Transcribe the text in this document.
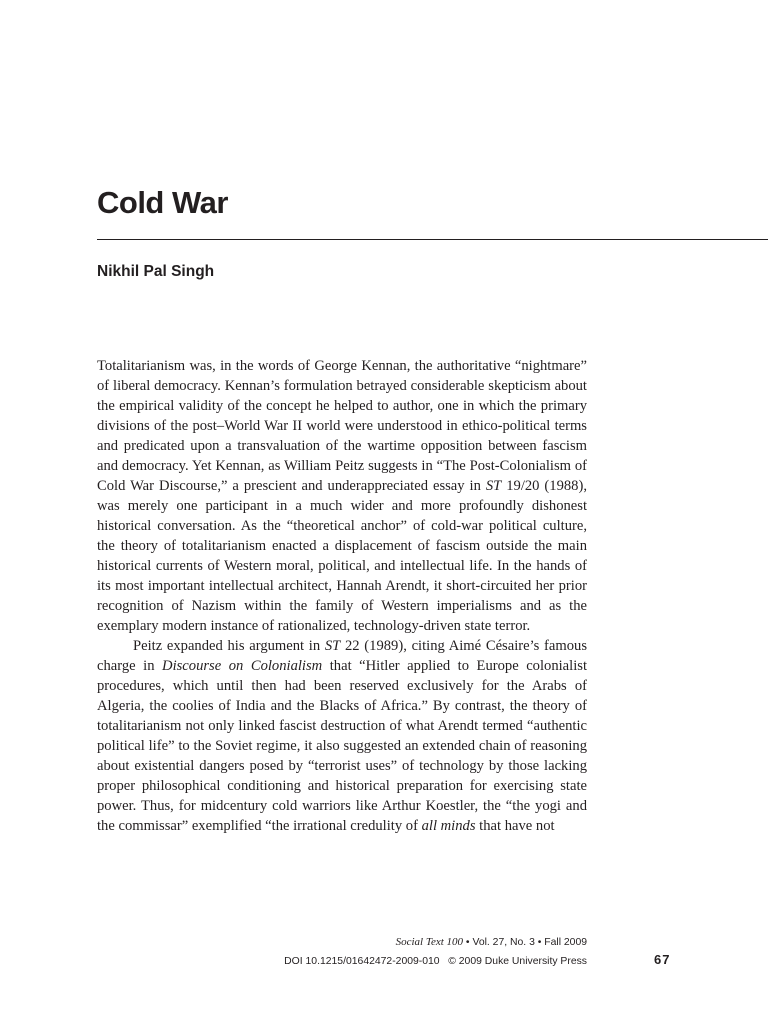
Cold War
Nikhil Pal Singh

Totalitarianism was, in the words of George Kennan, the authoritative “nightmare” of liberal democracy. Kennan’s formulation betrayed considerable skepticism about the empirical validity of the concept he helped to author, one in which the primary divisions of the post–World War II world were understood in ethico-political terms and predicated upon a transvaluation of the wartime opposition between fascism and democracy. Yet Kennan, as William Peitz suggests in “The Post-Colonialism of Cold War Discourse,” a prescient and underappreciated essay in ST 19/20 (1988), was merely one participant in a much wider and more profoundly dishonest historical conversation. As the “theoretical anchor” of cold-war political culture, the theory of totalitarianism enacted a displacement of fascism outside the main historical currents of Western moral, political, and intellectual life. In the hands of its most important intellectual architect, Hannah Arendt, it short-circuited her prior recognition of Nazism within the family of Western imperialisms and as the exemplary modern instance of rationalized, technology-driven state terror.

Peitz expanded his argument in ST 22 (1989), citing Aimé Césaire’s famous charge in Discourse on Colonialism that “Hitler applied to Europe colonialist procedures, which until then had been reserved exclusively for the Arabs of Algeria, the coolies of India and the Blacks of Africa.” By contrast, the theory of totalitarianism not only linked fascist destruction of what Arendt termed “authentic political life” to the Soviet regime, it also suggested an extended chain of reasoning about existential dangers posed by “terrorist uses” of technology by those lacking proper philosophical conditioning and historical preparation for exercising state power. Thus, for midcentury cold warriors like Arthur Koestler, the “the yogi and the commissar” exemplified “the irrational credulity of all minds that have not

Social Text 100 • Vol. 27, No. 3 • Fall 2009
DOI 10.1215/01642472-2009-010   © 2009 Duke University Press	67
